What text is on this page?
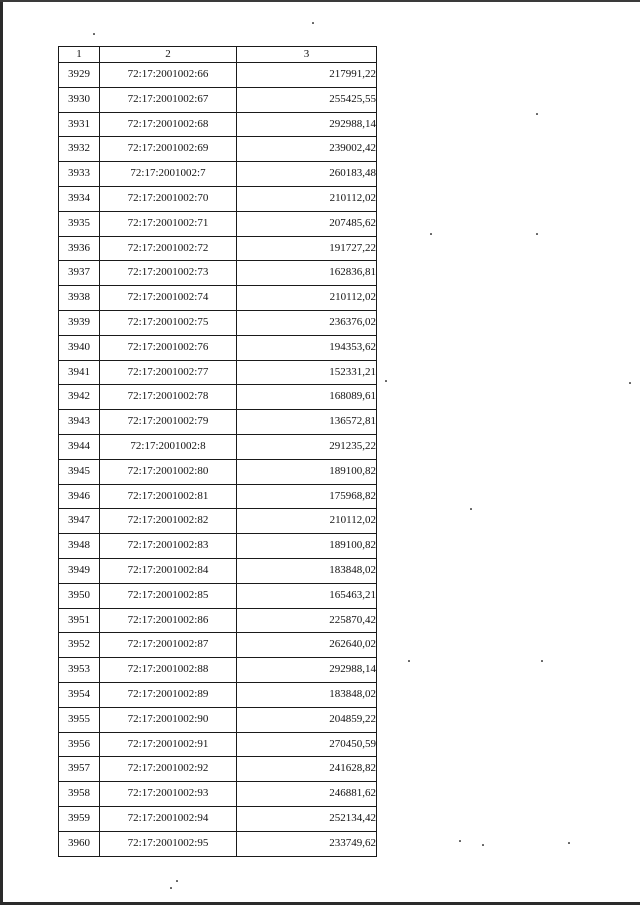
1	2	3
3929	72:17:2001002:66	217991,22
3930	72:17:2001002:67	255425,55
3931	72:17:2001002:68	292988,14
3932	72:17:2001002:69	239002,42
3933	72:17:2001002:7	260183,48
3934	72:17:2001002:70	210112,02
3935	72:17:2001002:71	207485,62
3936	72:17:2001002:72	191727,22
3937	72:17:2001002:73	162836,81
3938	72:17:2001002:74	210112,02
3939	72:17:2001002:75	236376,02
3940	72:17:2001002:76	194353,62
3941	72:17:2001002:77	152331,21
3942	72:17:2001002:78	168089,61
3943	72:17:2001002:79	136572,81
3944	72:17:2001002:8	291235,22
3945	72:17:2001002:80	189100,82
3946	72:17:2001002:81	175968,82
3947	72:17:2001002:82	210112,02
3948	72:17:2001002:83	189100,82
3949	72:17:2001002:84	183848,02
3950	72:17:2001002:85	165463,21
3951	72:17:2001002:86	225870,42
3952	72:17:2001002:87	262640,02
3953	72:17:2001002:88	292988,14
3954	72:17:2001002:89	183848,02
3955	72:17:2001002:90	204859,22
3956	72:17:2001002:91	270450,59
3957	72:17:2001002:92	241628,82
3958	72:17:2001002:93	246881,62
3959	72:17:2001002:94	252134,42
3960	72:17:2001002:95	233749,62
